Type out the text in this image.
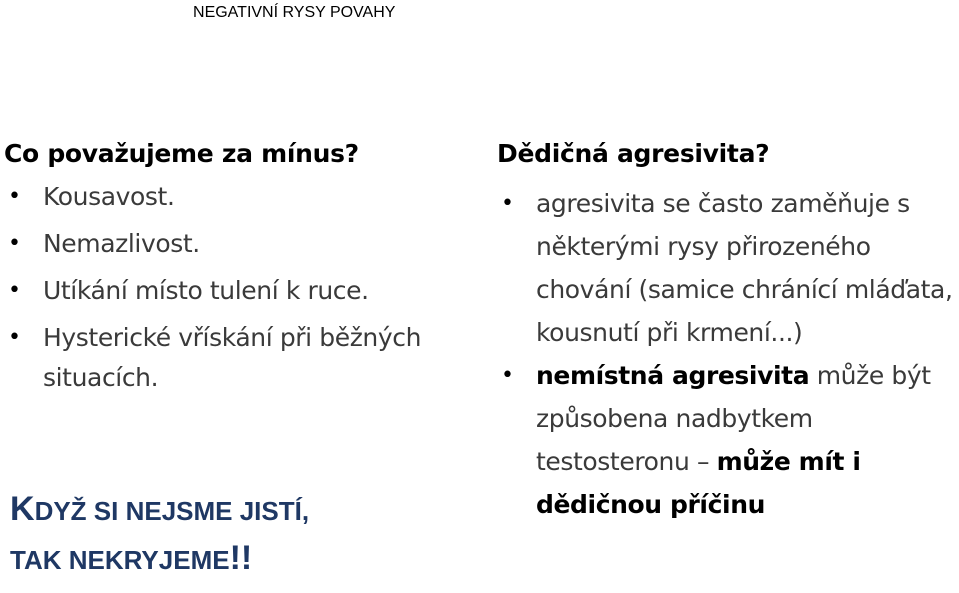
NEGATIVNÍ RYSY POVAHY
Co považujeme za mínus?
• Kousavost.
• Nemazlivost.
• Utíkání místo tulení k ruce.
• Hysterické vřískání při běžných situacích.
KDYŽ SI NEJSME JISTÍ,
TAK NEKRYJEME!!
Dědičná agresivita?
• agresivita se často zaměňuje s některými rysy přirozeného chování (samice chránící mláďata, kousnutí při krmení...)
• nemístná agresivita může být způsobena nadbytkem testosteronu – může mít i dědičnou příčinu
